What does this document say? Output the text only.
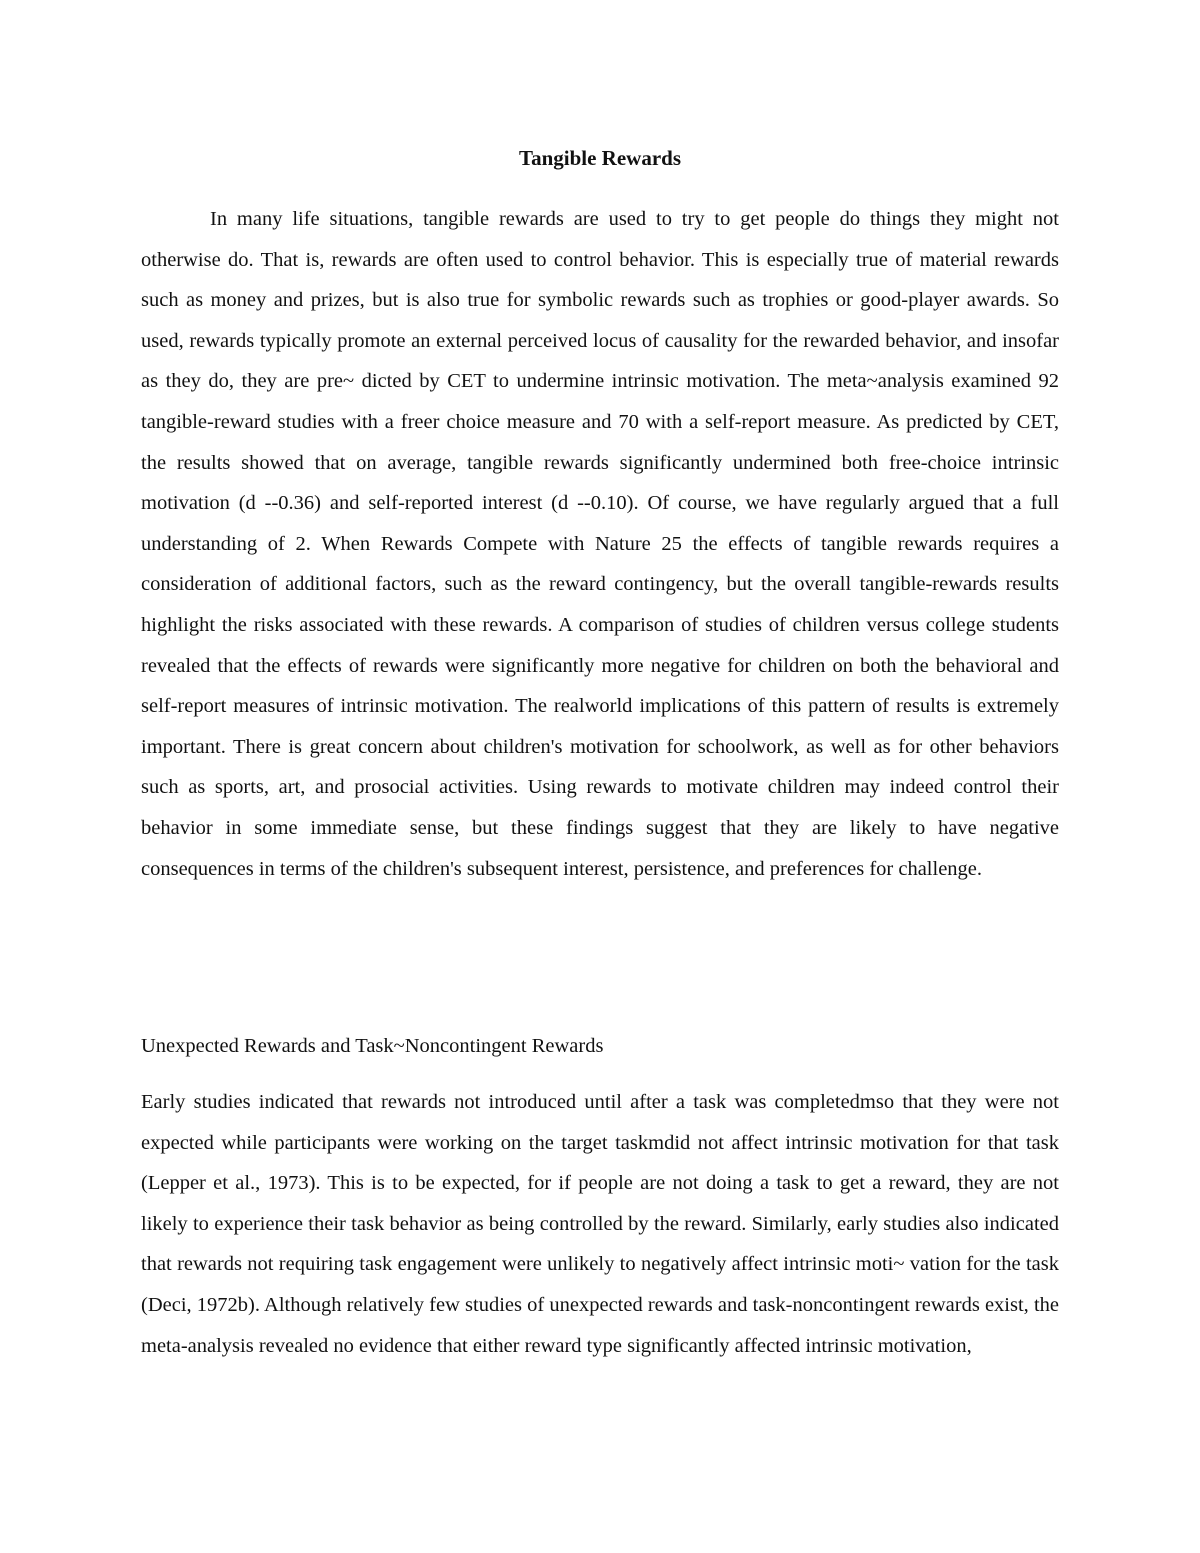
Tangible Rewards

In many life situations, tangible rewards are used to try to get people do things they might not otherwise do. That is, rewards are often used to control behavior. This is especially true of material rewards such as money and prizes, but is also true for symbolic rewards such as trophies or good-player awards. So used, rewards typically promote an external perceived locus of causality for the rewarded behavior, and insofar as they do, they are pre~ dicted by CET to undermine intrinsic motivation. The meta~analysis examined 92 tangible-reward studies with a freer choice measure and 70 with a self-report measure. As predicted by CET, the results showed that on average, tangible rewards significantly undermined both free-choice intrinsic motivation (d --0.36) and self-reported interest (d --0.10). Of course, we have regularly argued that a full understanding of 2. When Rewards Compete with Nature 25 the effects of tangible rewards requires a consideration of additional factors, such as the reward contingency, but the overall tangible-rewards results highlight the risks associated with these rewards. A comparison of studies of children versus college students revealed that the effects of rewards were significantly more negative for children on both the behavioral and self-report measures of intrinsic motivation. The realworld implications of this pattern of results is extremely important. There is great concern about children's motivation for schoolwork, as well as for other behaviors such as sports, art, and prosocial activities. Using rewards to motivate children may indeed control their behavior in some immediate sense, but these findings suggest that they are likely to have negative consequences in terms of the children's subsequent interest, persistence, and preferences for challenge.

Unexpected Rewards and Task~Noncontingent Rewards

Early studies indicated that rewards not introduced until after a task was completedmso that they were not expected while participants were working on the target taskmdid not affect intrinsic motivation for that task (Lepper et al., 1973). This is to be expected, for if people are not doing a task to get a reward, they are not likely to experience their task behavior as being controlled by the reward. Similarly, early studies also indicated that rewards not requiring task engagement were unlikely to negatively affect intrinsic moti~ vation for the task (Deci, 1972b). Although relatively few studies of unexpected rewards and task-noncontingent rewards exist, the meta-analysis revealed no evidence that either reward type significantly affected intrinsic motivation,
